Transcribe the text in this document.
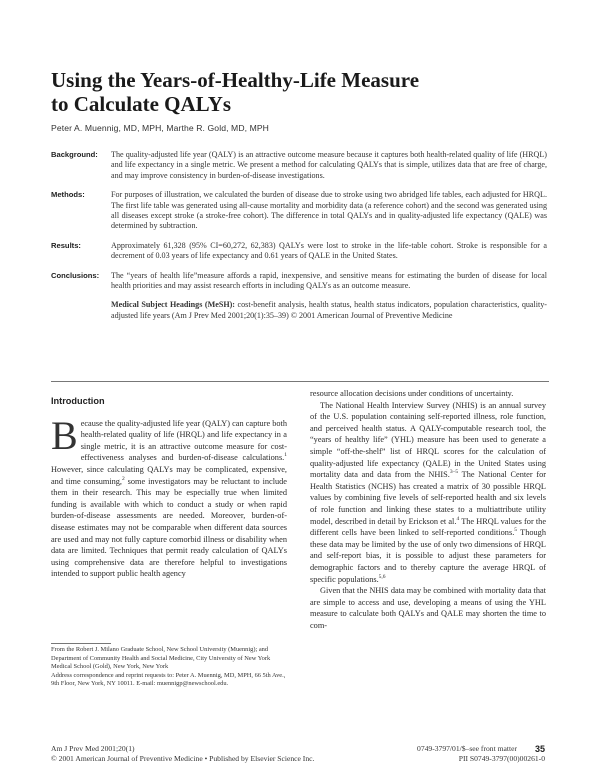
Using the Years-of-Healthy-Life Measure
to Calculate QALYs
Peter A. Muennig, MD, MPH, Marthe R. Gold, MD, MPH
Background:	The quality-adjusted life year (QALY) is an attractive outcome measure because it captures both health-related quality of life (HRQL) and life expectancy in a single metric. We present a method for calculating QALYs that is simple, utilizes data that are free of charge, and may improve consistency in burden-of-disease investigations.
Methods:	For purposes of illustration, we calculated the burden of disease due to stroke using two abridged life tables, each adjusted for HRQL. The first life table was generated using all-cause mortality and morbidity data (a reference cohort) and the second was generated using all diseases except stroke (a stroke-free cohort). The difference in total QALYs and in quality-adjusted life expectancy (QALE) was determined by subtraction.
Results:	Approximately 61,328 (95% CI=60,272, 62,383) QALYs were lost to stroke in the life-table cohort. Stroke is responsible for a decrement of 0.03 years of life expectancy and 0.61 years of QALE in the United States.
Conclusions:	The “years of health life”measure affords a rapid, inexpensive, and sensitive means for estimating the burden of disease for local health priorities and may assist research efforts in including QALYs as an outcome measure.
Medical Subject Headings (MeSH): cost-benefit analysis, health status, health status indicators, population characteristics, quality-adjusted life years (Am J Prev Med 2001;20(1):35–39) © 2001 American Journal of Preventive Medicine
Introduction

Because the quality-adjusted life year (QALY) can capture both health-related quality of life (HRQL) and life expectancy in a single metric, it is an attractive outcome measure for cost-effectiveness analyses and burden-of-disease calculations.$^1$ However, since calculating QALYs may be complicated, expensive, and time consuming,$^2$ some investigators may be reluctant to include them in their research. This may be especially true when limited funding is available with which to conduct a study or when rapid burden-of-disease assessments are needed. Moreover, burden-of-disease estimates may not be comparable when different data sources are used and may not fully capture comorbid illness or disability when data are limited. Techniques that permit ready calculation of QALYs using comprehensive data are therefore helpful to investigations intended to support public health agency

resource allocation decisions under conditions of uncertainty.

The National Health Interview Survey (NHIS) is an annual survey of the U.S. population containing self-reported illness, role function, and perceived health status. A QALY-computable research tool, the “years of healthy life” (YHL) measure has been used to generate a simple “off-the-shelf” list of HRQL scores for the calculation of quality-adjusted life expectancy (QALE) in the United States using mortality data and data from the NHIS.$^{3-5}$ The National Center for Health Statistics (NCHS) has created a matrix of 30 possible HRQL values by combining five levels of self-reported health and six levels of role function and linking these states to a multiattribute utility model, described in detail by Erickson et al.$^4$ The HRQL values for the different cells have been linked to self-reported conditions.$^5$ Though these data may be limited by the use of only two dimensions of HRQL and self-report bias, it is possible to adjust these parameters for demographic factors and to thereby capture the average HRQL of specific populations.$^{5,6}$

Given that the NHIS data may be combined with mortality data that are simple to access and use, developing a means of using the YHL measure to calculate both QALYs and QALE may shorten the time to com-

From the Robert J. Milano Graduate School, New School University (Muennig); and Department of Community Health and Social Medicine, City University of New York Medical School (Gold), New York, New York

Address correspondence and reprint requests to: Peter A. Muennig, MD, MPH, 66 5th Ave., 9th Floor, New York, NY 10011. E-mail: muennigp@newschool.edu.

Am J Prev Med 2001;20(1)
© 2001 American Journal of Preventive Medicine • Published by Elsevier Science Inc.
0749-3797/01/$–see front matter
PII S0749-3797(00)00261-0
35
